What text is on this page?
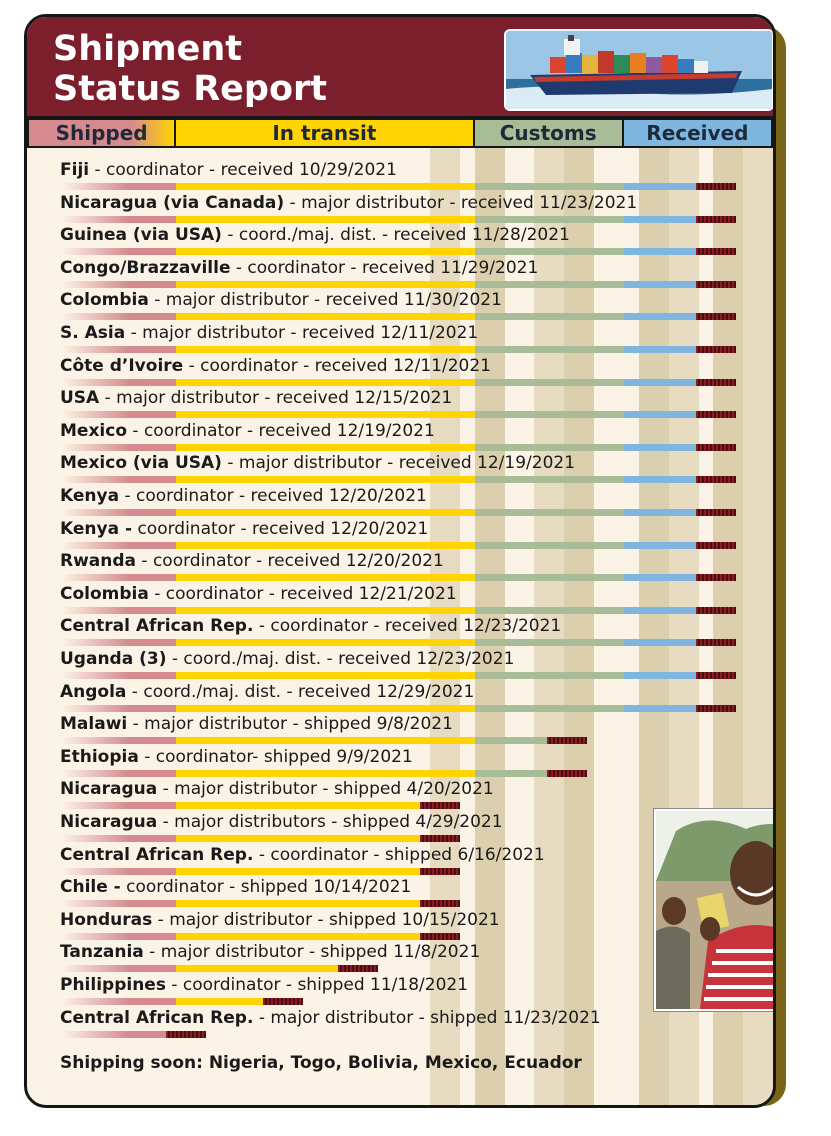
Shipment
Status Report
Fiji - coordinator - received 10/29/2021
Nicaragua (via Canada) - major distributor - received 11/23/2021
Guinea (via USA) - coord./maj. dist. - received 11/28/2021
Congo/Brazzaville - coordinator - received 11/29/2021
Colombia - major distributor - received 11/30/2021
S. Asia - major distributor - received 12/11/2021
Côte d’Ivoire - coordinator - received 12/11/2021
USA - major distributor - received 12/15/2021
Mexico - coordinator - received 12/19/2021
Mexico (via USA) - major distributor - received 12/19/2021
Kenya - coordinator - received 12/20/2021
Kenya - coordinator - received 12/20/2021
Rwanda - coordinator - received 12/20/2021
Colombia - coordinator - received 12/21/2021
Central African Rep. - coordinator - received 12/23/2021
Uganda (3) - coord./maj. dist. - received 12/23/2021
Angola - coord./maj. dist. - received 12/29/2021
Malawi - major distributor - shipped 9/8/2021
Ethiopia - coordinator- shipped 9/9/2021
Nicaragua - major distributor - shipped 4/20/2021
Nicaragua - major distributors - shipped 4/29/2021
Central African Rep. - coordinator - shipped 6/16/2021
Chile - coordinator - shipped 10/14/2021
Honduras - major distributor - shipped 10/15/2021
Tanzania - major distributor - shipped 11/8/2021
Philippines - coordinator - shipped 11/18/2021
Central African Rep. - major distributor - shipped 11/23/2021
Shipping soon: Nigeria, Togo, Bolivia, Mexico, Ecuador
Shipped	In transit	Customs	Received
